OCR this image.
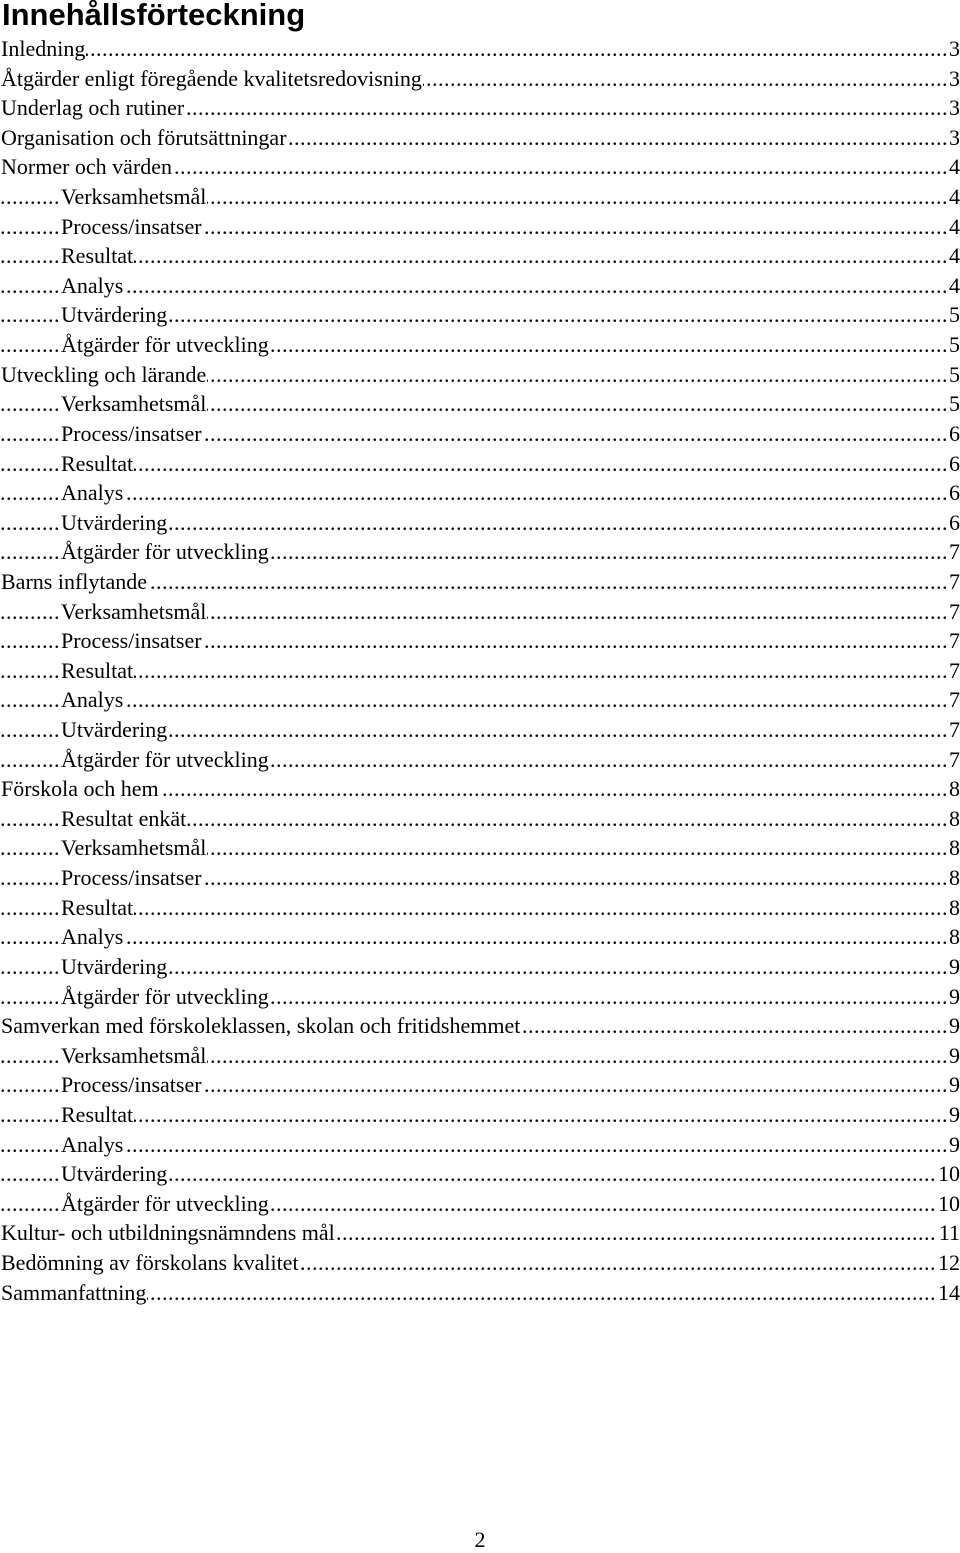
Innehållsförteckning
.....
Inledning	3
.....
Åtgärder enligt föregående kvalitetsredovisning	3
.....
Underlag och rutiner	3
.....
Organisation och förutsättningar	3
.....
Normer och värden	4
.....
Verksamhetsmål	4
.....
Process/insatser	4
.....
Resultat	4
.....
Analys	4
.....
Utvärdering	5
.....
Åtgärder för utveckling	5
.....
Utveckling och lärande	5
.....
Verksamhetsmål	5
.....
Process/insatser	6
.....
Resultat	6
.....
Analys	6
.....
Utvärdering	6
.....
Åtgärder för utveckling	7
.....
Barns inflytande	7
.....
Verksamhetsmål	7
.....
Process/insatser	7
.....
Resultat	7
.....
Analys	7
.....
Utvärdering	7
.....
Åtgärder för utveckling	7
.....
Förskola och hem	8
.....
Resultat enkät	8
.....
Verksamhetsmål	8
.....
Process/insatser	8
.....
Resultat	8
.....
Analys	8
.....
Utvärdering	9
.....
Åtgärder för utveckling	9
.....
Samverkan med förskoleklassen, skolan och fritidshemmet	9
.....
Verksamhetsmål	9
.....
Process/insatser	9
.....
Resultat	9
.....
Analys	9
.....
Utvärdering	10
.....
Åtgärder för utveckling	10
.....
Kultur- och utbildningsnämndens mål	11
.....
Bedömning av förskolans kvalitet	12
.....
Sammanfattning	14
2
